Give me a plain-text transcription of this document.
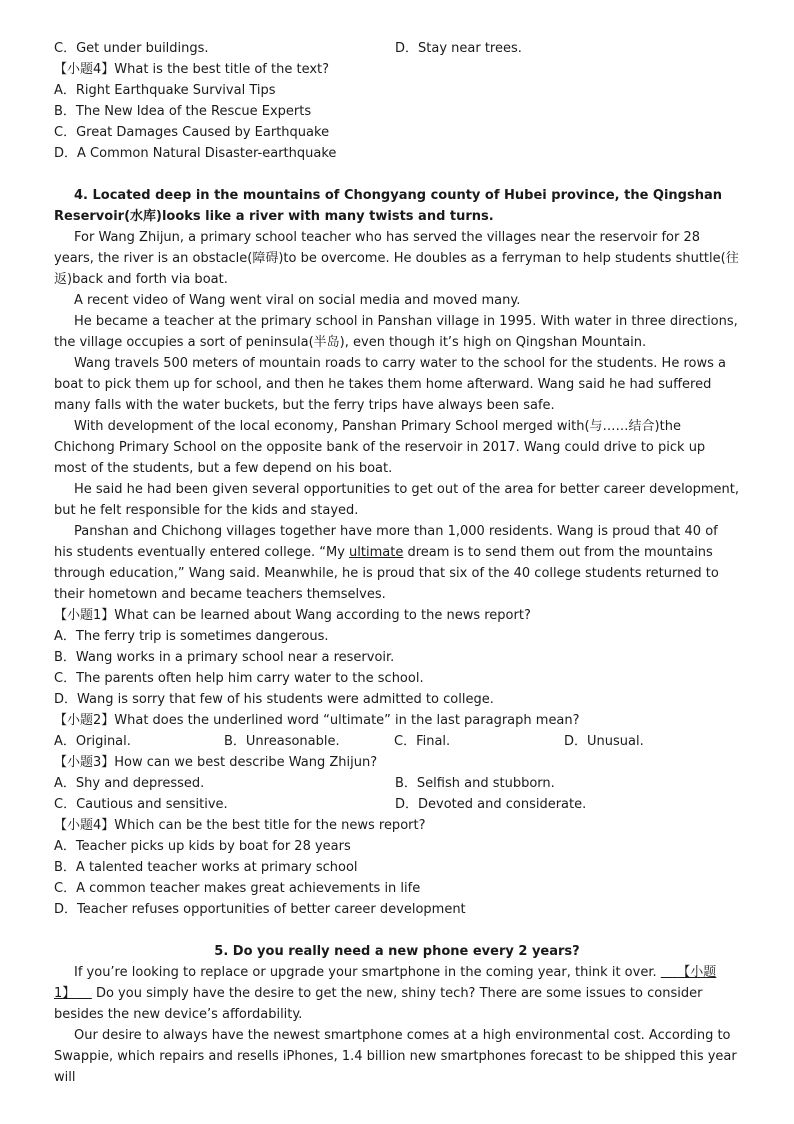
C．Get under buildings.	D．Stay near trees.
【小题4】What is the best title of the text?
A．Right Earthquake Survival Tips
B．The New Idea of the Rescue Experts
C．Great Damages Caused by Earthquake
D．A Common Natural Disaster-earthquake
4. Located deep in the mountains of Chongyang county of Hubei province, the Qingshan Reservoir(水库)looks like a river with many twists and turns.
For Wang Zhijun, a primary school teacher who has served the villages near the reservoir for 28 years, the river is an obstacle(障碍)to be overcome. He doubles as a ferryman to help students shuttle(往返)back and forth via boat.
A recent video of Wang went viral on social media and moved many.
He became a teacher at the primary school in Panshan village in 1995. With water in three directions, the village occupies a sort of peninsula(半岛), even though it’s high on Qingshan Mountain.
Wang travels 500 meters of mountain roads to carry water to the school for the students. He rows a boat to pick them up for school, and then he takes them home afterward. Wang said he had suffered many falls with the water buckets, but the ferry trips have always been safe.
With development of the local economy, Panshan Primary School merged with(与……结合)the Chichong Primary School on the opposite bank of the reservoir in 2017. Wang could drive to pick up most of the students, but a few depend on his boat.
He said he had been given several opportunities to get out of the area for better career development, but he felt responsible for the kids and stayed.
Panshan and Chichong villages together have more than 1,000 residents. Wang is proud that 40 of his students eventually entered college. “My ultimate dream is to send them out from the mountains through education,” Wang said. Meanwhile, he is proud that six of the 40 college students returned to their hometown and became teachers themselves.
【小题1】What can be learned about Wang according to the news report?
A．The ferry trip is sometimes dangerous.
B．Wang works in a primary school near a reservoir.
C．The parents often help him carry water to the school.
D．Wang is sorry that few of his students were admitted to college.
【小题2】What does the underlined word “ultimate” in the last paragraph mean?
A．Original.	B．Unreasonable.	C．Final.	D．Unusual.
【小题3】How can we best describe Wang Zhijun?
A．Shy and depressed.	B．Selfish and stubborn.
C．Cautious and sensitive.	D．Devoted and considerate.
【小题4】Which can be the best title for the news report?
A．Teacher picks up kids by boat for 28 years
B．A talented teacher works at primary school
C．A common teacher makes great achievements in life
D．Teacher refuses opportunities of better career development
5. Do you really need a new phone every 2 years?
If you’re looking to replace or upgrade your smartphone in the coming year, think it over. 【小题1】 Do you simply have the desire to get the new, shiny tech? There are some issues to consider besides the new device’s affordability.
Our desire to always have the newest smartphone comes at a high environmental cost. According to Swappie, which repairs and resells iPhones, 1.4 billion new smartphones forecast to be shipped this year will
